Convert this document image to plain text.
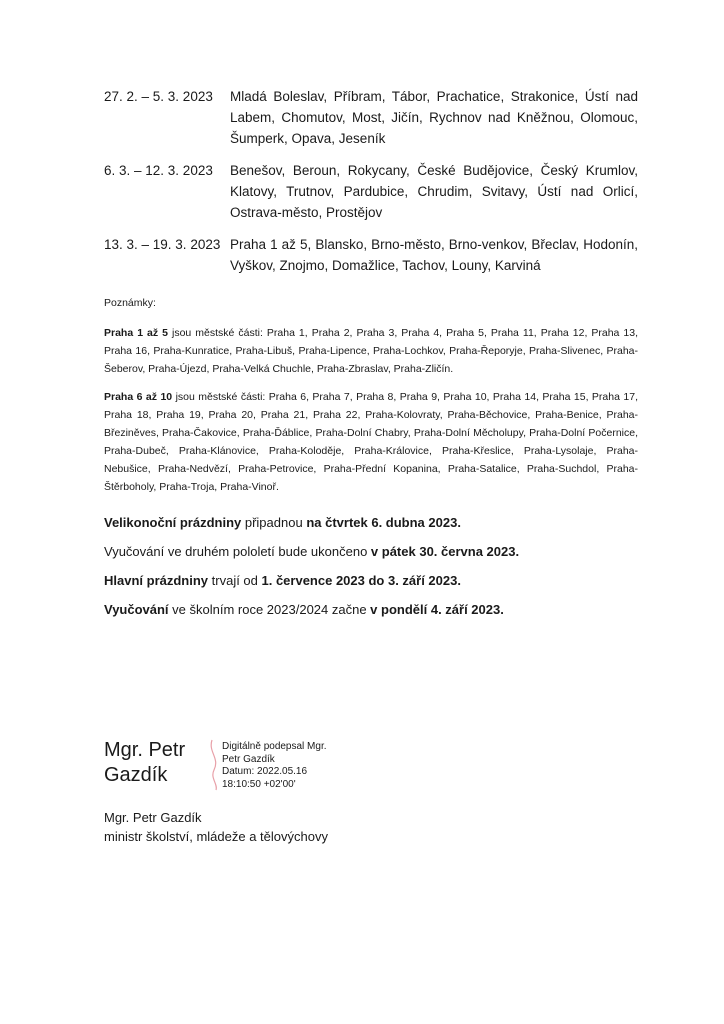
27. 2. – 5. 3. 2023	Mladá Boleslav, Příbram, Tábor, Prachatice, Strakonice, Ústí nad Labem, Chomutov, Most, Jičín, Rychnov nad Kněžnou, Olomouc, Šumperk, Opava, Jeseník
6. 3. – 12. 3. 2023	Benešov, Beroun, Rokycany, České Budějovice, Český Krumlov, Klatovy, Trutnov, Pardubice, Chrudim, Svitavy, Ústí nad Orlicí, Ostrava-město, Prostějov
13. 3. – 19. 3. 2023 Praha 1 až 5, Blansko, Brno-město, Brno-venkov, Břeclav, Hodonín, Vyškov, Znojmo, Domažlice, Tachov, Louny, Karviná
Poznámky:

Praha 1 až 5 jsou městské části: Praha 1, Praha 2, Praha 3, Praha 4, Praha 5, Praha 11, Praha 12, Praha 13, Praha 16, Praha-Kunratice, Praha-Libuš, Praha-Lipence, Praha-Lochkov, Praha-Řeporyje, Praha-Slivenec, Praha-Šeberov, Praha-Újezd, Praha-Velká Chuchle, Praha-Zbraslav, Praha-Zličín.

Praha 6 až 10 jsou městské části: Praha 6, Praha 7, Praha 8, Praha 9, Praha 10, Praha 14, Praha 15, Praha 17, Praha 18, Praha 19, Praha 20, Praha 21, Praha 22, Praha-Kolovraty, Praha-Běchovice, Praha-Benice, Praha-Březiněves, Praha-Čakovice, Praha-Ďáblice, Praha-Dolní Chabry, Praha-Dolní Měcholupy, Praha-Dolní Počernice, Praha-Dubeč, Praha-Klánovice, Praha-Koloděje, Praha-Královice, Praha-Křeslice, Praha-Lysolaje, Praha-Nebušice, Praha-Nedvězí, Praha-Petrovice, Praha-Přední Kopanina, Praha-Satalice, Praha-Suchdol, Praha-Štěrboholy, Praha-Troja, Praha-Vinoř.

Velikonoční prázdniny připadnou na čtvrtek 6. dubna 2023.

Vyučování ve druhém pololetí bude ukončeno v pátek 30. června 2023.

Hlavní prázdniny trvají od 1. července 2023 do 3. září 2023.

Vyučování ve školním roce 2023/2024 začne v pondělí 4. září 2023.

Mgr. Petr
Gazdík
Digitálně podepsal Mgr.
Petr Gazdík
Datum: 2022.05.16
18:10:50 +02'00'
Mgr. Petr Gazdík
ministr školství, mládeže a tělovýchovy
